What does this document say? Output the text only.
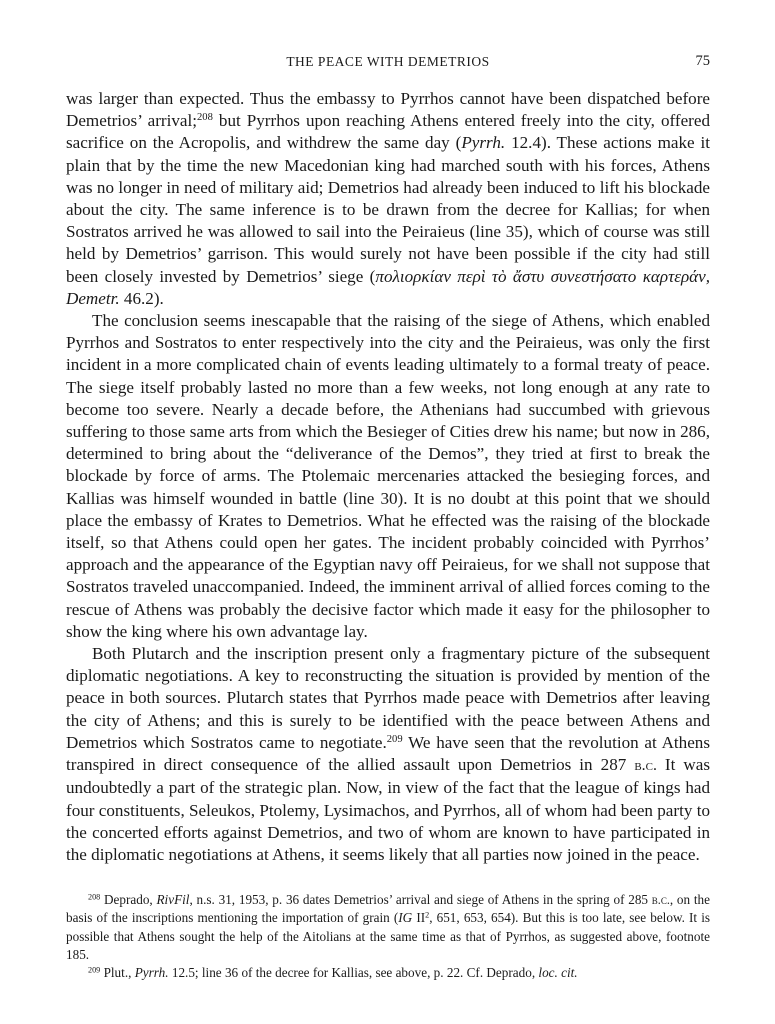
THE PEACE WITH DEMETRIOS	75

was larger than expected. Thus the embassy to Pyrrhos cannot have been dispatched before Demetrios’ arrival;$^{208}$ but Pyrrhos upon reaching Athens entered freely into the city, offered sacrifice on the Acropolis, and withdrew the same day (Pyrrh. 12.4). These actions make it plain that by the time the new Macedonian king had marched south with his forces, Athens was no longer in need of military aid; Demetrios had already been induced to lift his blockade about the city. The same inference is to be drawn from the decree for Kallias; for when Sostratos arrived he was allowed to sail into the Peiraieus (line 35), which of course was still held by Demetrios’ garrison. This would surely not have been possible if the city had still been closely invested by Demetrios’ siege (πολιορκίαν περὶ τὸ ἄστυ συνεστήσατο καρτεράν, Demetr. 46.2).

The conclusion seems inescapable that the raising of the siege of Athens, which enabled Pyrrhos and Sostratos to enter respectively into the city and the Peiraieus, was only the first incident in a more complicated chain of events leading ultimately to a formal treaty of peace. The siege itself probably lasted no more than a few weeks, not long enough at any rate to become too severe. Nearly a decade before, the Athenians had succumbed with grievous suffering to those same arts from which the Besieger of Cities drew his name; but now in 286, determined to bring about the “deliverance of the Demos”, they tried at first to break the blockade by force of arms. The Ptolemaic mercenaries attacked the besieging forces, and Kallias was himself wounded in battle (line 30). It is no doubt at this point that we should place the embassy of Krates to Demetrios. What he effected was the raising of the blockade itself, so that Athens could open her gates. The incident probably coincided with Pyrrhos’ approach and the appearance of the Egyptian navy off Peiraieus, for we shall not suppose that Sostratos traveled unaccompanied. Indeed, the imminent arrival of allied forces coming to the rescue of Athens was probably the decisive factor which made it easy for the philosopher to show the king where his own advantage lay.

Both Plutarch and the inscription present only a fragmentary picture of the subsequent diplomatic negotiations. A key to reconstructing the situation is provided by mention of the peace in both sources. Plutarch states that Pyrrhos made peace with Demetrios after leaving the city of Athens; and this is surely to be identified with the peace between Athens and Demetrios which Sostratos came to negotiate.$^{209}$ We have seen that the revolution at Athens transpired in direct consequence of the allied assault upon Demetrios in 287 b.c. It was undoubtedly a part of the strategic plan. Now, in view of the fact that the league of kings had four constituents, Seleukos, Ptolemy, Lysimachos, and Pyrrhos, all of whom had been party to the concerted efforts against Demetrios, and two of whom are known to have participated in the diplomatic negotiations at Athens, it seems likely that all parties now joined in the peace.

$^{208}$ Deprado, RivFil, n.s. 31, 1953, p. 36 dates Demetrios’ arrival and siege of Athens in the spring of 285 b.c., on the basis of the inscriptions mentioning the importation of grain (IG $II^2$, 651, 653, 654). But this is too late, see below. It is possible that Athens sought the help of the Aitolians at the same time as that of Pyrrhos, as suggested above, footnote 185.

$^{209}$ Plut., Pyrrh. 12.5; line 36 of the decree for Kallias, see above, p. 22. Cf. Deprado, loc. cit.
